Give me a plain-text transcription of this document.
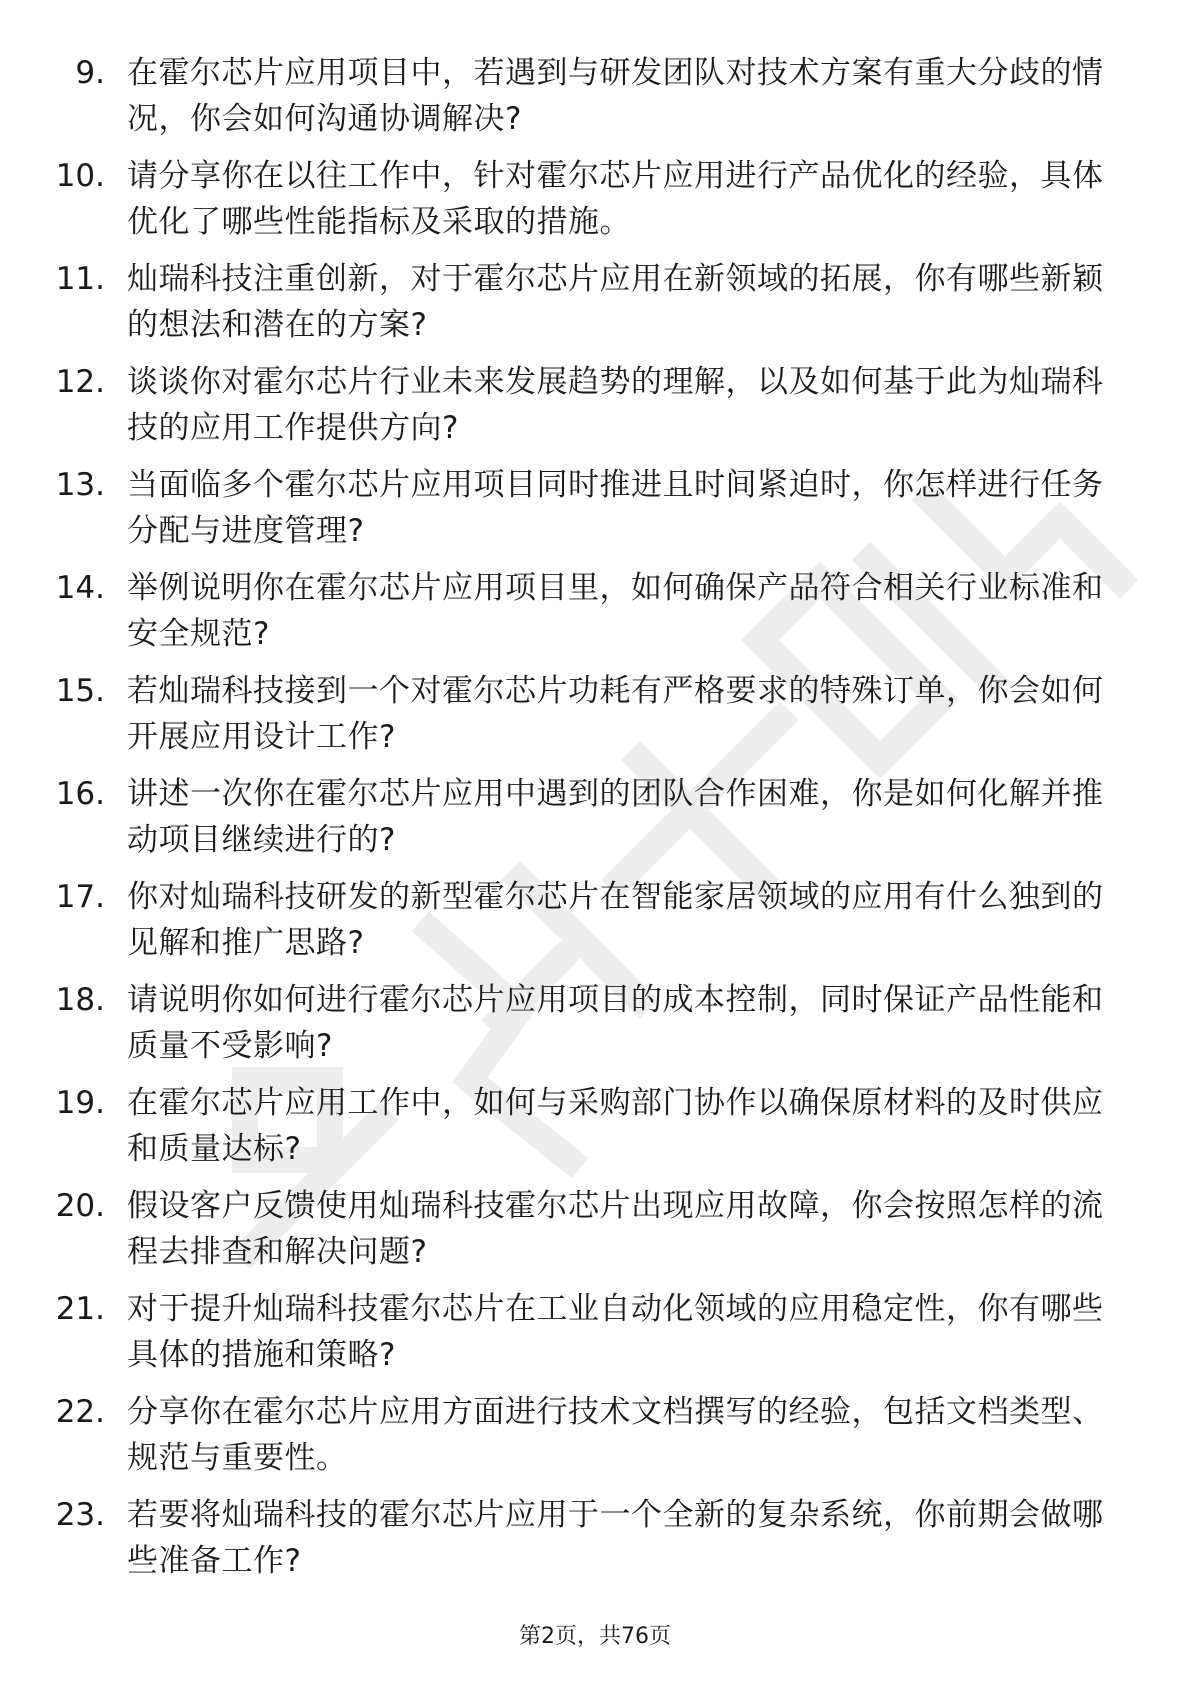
9. 在霍尔芯片应用项目中，若遇到与研发团队对技术方案有重大分歧的情况，你会如何沟通协调解决?
10. 请分享你在以往工作中，针对霍尔芯片应用进行产品优化的经验，具体优化了哪些性能指标及采取的措施。
11. 灿瑞科技注重创新，对于霍尔芯片应用在新领域的拓展，你有哪些新颖的想法和潜在的方案?
12. 谈谈你对霍尔芯片行业未来发展趋势的理解，以及如何基于此为灿瑞科技的应用工作提供方向?
13. 当面临多个霍尔芯片应用项目同时推进且时间紧迫时，你怎样进行任务分配与进度管理?
14. 举例说明你在霍尔芯片应用项目里，如何确保产品符合相关行业标准和安全规范?
15. 若灿瑞科技接到一个对霍尔芯片功耗有严格要求的特殊订单，你会如何开展应用设计工作?
16. 讲述一次你在霍尔芯片应用中遇到的团队合作困难，你是如何化解并推动项目继续进行的?
17. 你对灿瑞科技研发的新型霍尔芯片在智能家居领域的应用有什么独到的见解和推广思路?
18. 请说明你如何进行霍尔芯片应用项目的成本控制，同时保证产品性能和质量不受影响?
19. 在霍尔芯片应用工作中，如何与采购部门协作以确保原材料的及时供应和质量达标?
20. 假设客户反馈使用灿瑞科技霍尔芯片出现应用故障，你会按照怎样的流程去排查和解决问题?
21. 对于提升灿瑞科技霍尔芯片在工业自动化领域的应用稳定性，你有哪些具体的措施和策略?
22. 分享你在霍尔芯片应用方面进行技术文档撰写的经验，包括文档类型、规范与重要性。
23. 若要将灿瑞科技的霍尔芯片应用于一个全新的复杂系统，你前期会做哪些准备工作?
第2页，共76页
